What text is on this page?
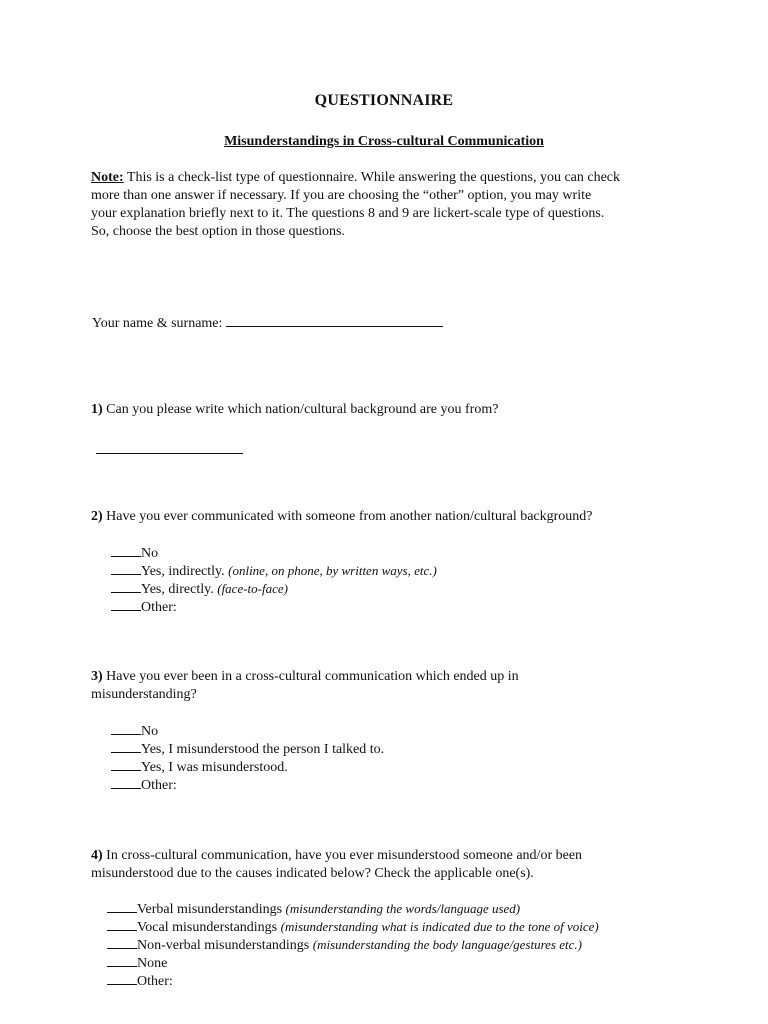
QUESTIONNAIRE
Misunderstandings in Cross-cultural Communication
Note: This is a check-list type of questionnaire. While answering the questions, you can check
more than one answer if necessary. If you are choosing the “other” option, you may write
your explanation briefly next to it. The questions 8 and 9 are lickert-scale type of questions.
So, choose the best option in those questions.
Your name & surname:
1) Can you please write which nation/cultural background are you from?
2) Have you ever communicated with someone from another nation/cultural background?
No
Yes, indirectly. (online, on phone, by written ways, etc.)
Yes, directly. (face-to-face)
Other:
3) Have you ever been in a cross-cultural communication which ended up in
misunderstanding?
No
Yes, I misunderstood the person I talked to.
Yes, I was misunderstood.
Other:
4) In cross-cultural communication, have you ever misunderstood someone and/or been
misunderstood due to the causes indicated below? Check the applicable one(s).
Verbal misunderstandings (misunderstanding the words/language used)
Vocal misunderstandings (misunderstanding what is indicated due to the tone of voice)
Non-verbal misunderstandings (misunderstanding the body language/gestures etc.)
None
Other:
